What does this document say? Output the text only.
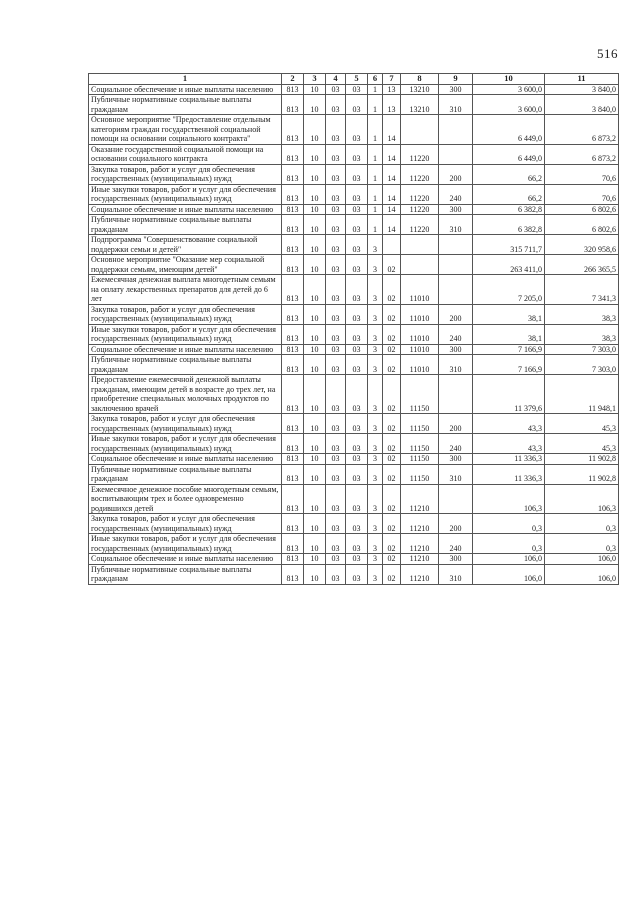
516
1	2	3	4	5	6	7	8	9	10	11
Социальное обеспечение и иные выплаты населению	813	10	03	03	1	13	13210	300	3 600,0	3 840,0
Публичные нормативные социальные выплаты гражданам	813	10	03	03	1	13	13210	310	3 600,0	3 840,0
Основное мероприятие "Предоставление отдельным категориям граждан государственной социальной помощи на основании социального контракта"	813	10	03	03	1	14			6 449,0	6 873,2
Оказание государственной социальной помощи на основании социального контракта	813	10	03	03	1	14	11220		6 449,0	6 873,2
Закупка товаров, работ и услуг для обеспечения государственных (муниципальных) нужд	813	10	03	03	1	14	11220	200	66,2	70,6
Иные закупки товаров, работ и услуг для обеспечения государственных (муниципальных) нужд	813	10	03	03	1	14	11220	240	66,2	70,6
Социальное обеспечение и иные выплаты населению	813	10	03	03	1	14	11220	300	6 382,8	6 802,6
Публичные нормативные социальные выплаты гражданам	813	10	03	03	1	14	11220	310	6 382,8	6 802,6
Подпрограмма "Совершенствование социальной поддержки семьи и детей"	813	10	03	03	3				315 711,7	320 958,6
Основное мероприятие "Оказание мер социальной поддержки семьям, имеющим детей"	813	10	03	03	3	02			263 411,0	266 365,5
Ежемесячная денежная выплата многодетным семьям на оплату лекарственных препаратов для детей до 6 лет	813	10	03	03	3	02	11010		7 205,0	7 341,3
Закупка товаров, работ и услуг для обеспечения государственных (муниципальных) нужд	813	10	03	03	3	02	11010	200	38,1	38,3
Иные закупки товаров, работ и услуг для обеспечения государственных (муниципальных) нужд	813	10	03	03	3	02	11010	240	38,1	38,3
Социальное обеспечение и иные выплаты населению	813	10	03	03	3	02	11010	300	7 166,9	7 303,0
Публичные нормативные социальные выплаты гражданам	813	10	03	03	3	02	11010	310	7 166,9	7 303,0
Предоставление ежемесячной денежной выплаты гражданам, имеющим детей в возрасте до трех лет, на приобретение специальных молочных продуктов по заключению врачей	813	10	03	03	3	02	11150		11 379,6	11 948,1
Закупка товаров, работ и услуг для обеспечения государственных (муниципальных) нужд	813	10	03	03	3	02	11150	200	43,3	45,3
Иные закупки товаров, работ и услуг для обеспечения государственных (муниципальных) нужд	813	10	03	03	3	02	11150	240	43,3	45,3
Социальное обеспечение и иные выплаты населению	813	10	03	03	3	02	11150	300	11 336,3	11 902,8
Публичные нормативные социальные выплаты гражданам	813	10	03	03	3	02	11150	310	11 336,3	11 902,8
Ежемесячное денежное пособие многодетным семьям, воспитывающим трех и более одновременно родившихся детей	813	10	03	03	3	02	11210		106,3	106,3
Закупка товаров, работ и услуг для обеспечения государственных (муниципальных) нужд	813	10	03	03	3	02	11210	200	0,3	0,3
Иные закупки товаров, работ и услуг для обеспечения государственных (муниципальных) нужд	813	10	03	03	3	02	11210	240	0,3	0,3
Социальное обеспечение и иные выплаты населению	813	10	03	03	3	02	11210	300	106,0	106,0
Публичные нормативные социальные выплаты гражданам	813	10	03	03	3	02	11210	310	106,0	106,0
